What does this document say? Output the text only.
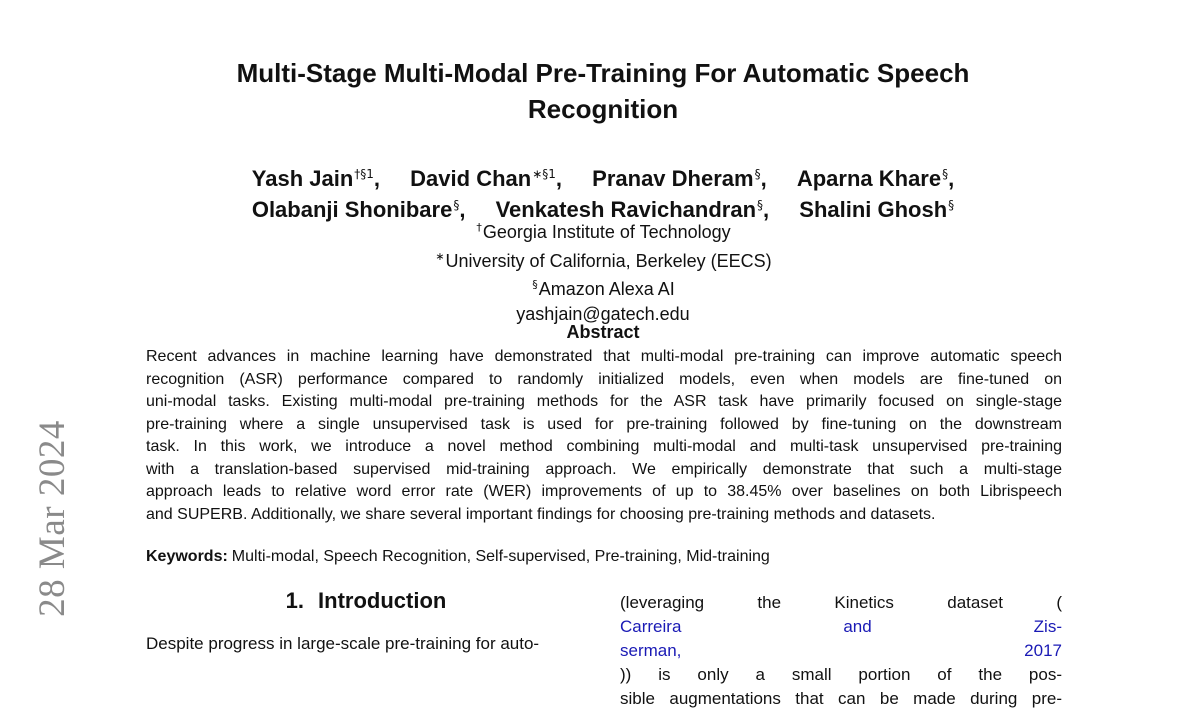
28 Mar 2024
Multi-Stage Multi-Modal Pre-Training For Automatic Speech
Recognition
Yash Jain$^{\dagger\S 1}$, David Chan$^{∗\S 1}$, Pranav Dheram§, Aparna Khare§,
Olabanji Shonibare§, Venkatesh Ravichandran§, Shalini Ghosh§
†Georgia Institute of Technology
∗University of California, Berkeley (EECS)
§Amazon Alexa AI
yashjain@gatech.edu
Abstract

Recent advances in machine learning have demonstrated that multi-modal pre-training can improve automatic speech
recognition (ASR) performance compared to randomly initialized models, even when models are fine-tuned on
uni-modal tasks. Existing multi-modal pre-training methods for the ASR task have primarily focused on single-stage
pre-training where a single unsupervised task is used for pre-training followed by fine-tuning on the downstream
task. In this work, we introduce a novel method combining multi-modal and multi-task unsupervised pre-training
with a translation-based supervised mid-training approach. We empirically demonstrate that such a multi-stage
approach leads to relative word error rate (WER) improvements of up to 38.45% over baselines on both Librispeech
and SUPERB. Additionally, we share several important findings for choosing pre-training methods and datasets.

Keywords: Multi-modal, Speech Recognition, Self-supervised, Pre-training, Mid-training

1. Introduction

Despite progress in large-scale pre-training for auto-

(leveraging the Kinetics dataset (
Carreira and Zis-
serman, 2017
)) is only a small portion of the pos-
sible augmentations that can be made during pre-
